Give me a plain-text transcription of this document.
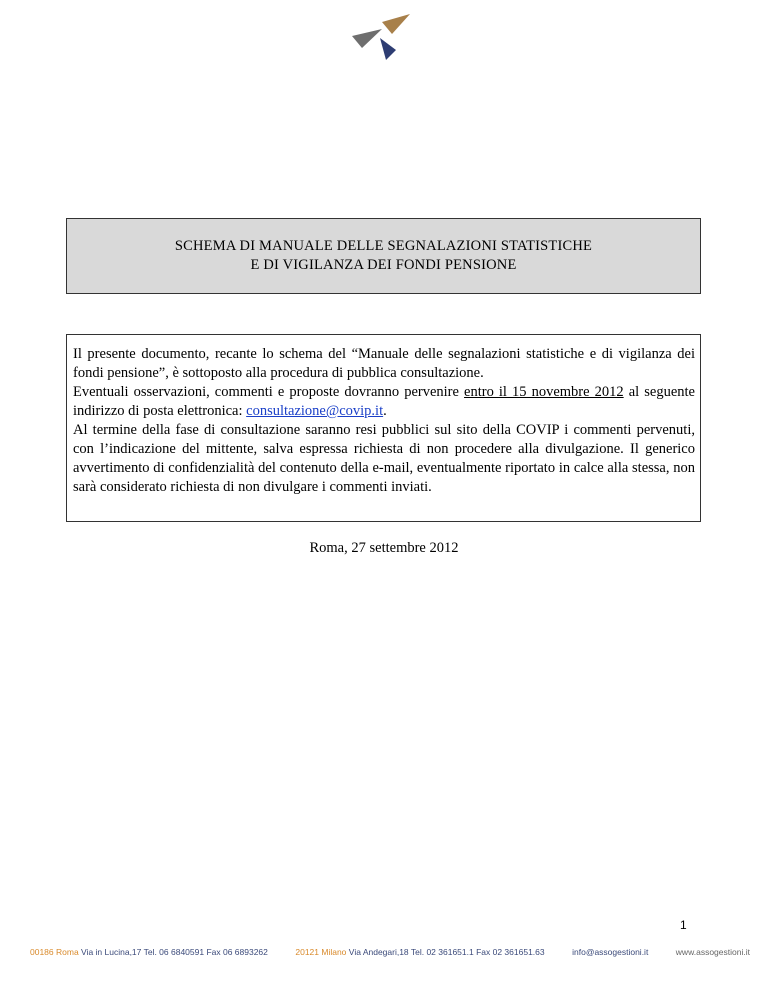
SCHEMA DI MANUALE DELLE SEGNALAZIONI STATISTICHE
E DI VIGILANZA DEI FONDI PENSIONE

Il presente documento, recante lo schema del “Manuale delle segnalazioni statistiche e di vigilanza dei fondi pensione”, è sottoposto alla procedura di pubblica consultazione.

Eventuali osservazioni, commenti e proposte dovranno pervenire entro il 15 novembre 2012 al seguente indirizzo di posta elettronica: consultazione@covip.it.

Al termine della fase di consultazione saranno resi pubblici sul sito della COVIP i commenti pervenuti, con l’indicazione del mittente, salva espressa richiesta di non procedere alla divulgazione. Il generico avvertimento di confidenzialità del contenuto della e-mail, eventualmente riportato in calce alla stessa, non sarà considerato richiesta di non divulgare i commenti inviati.

Roma, 27 settembre 2012
1
00186 Roma Via in Lucina,17 Tel. 06 6840591 Fax 06 6893262	20121 Milano Via Andegari,18 Tel. 02 361651.1 Fax 02 361651.63	info@assogestioni.it	www.assogestioni.it
